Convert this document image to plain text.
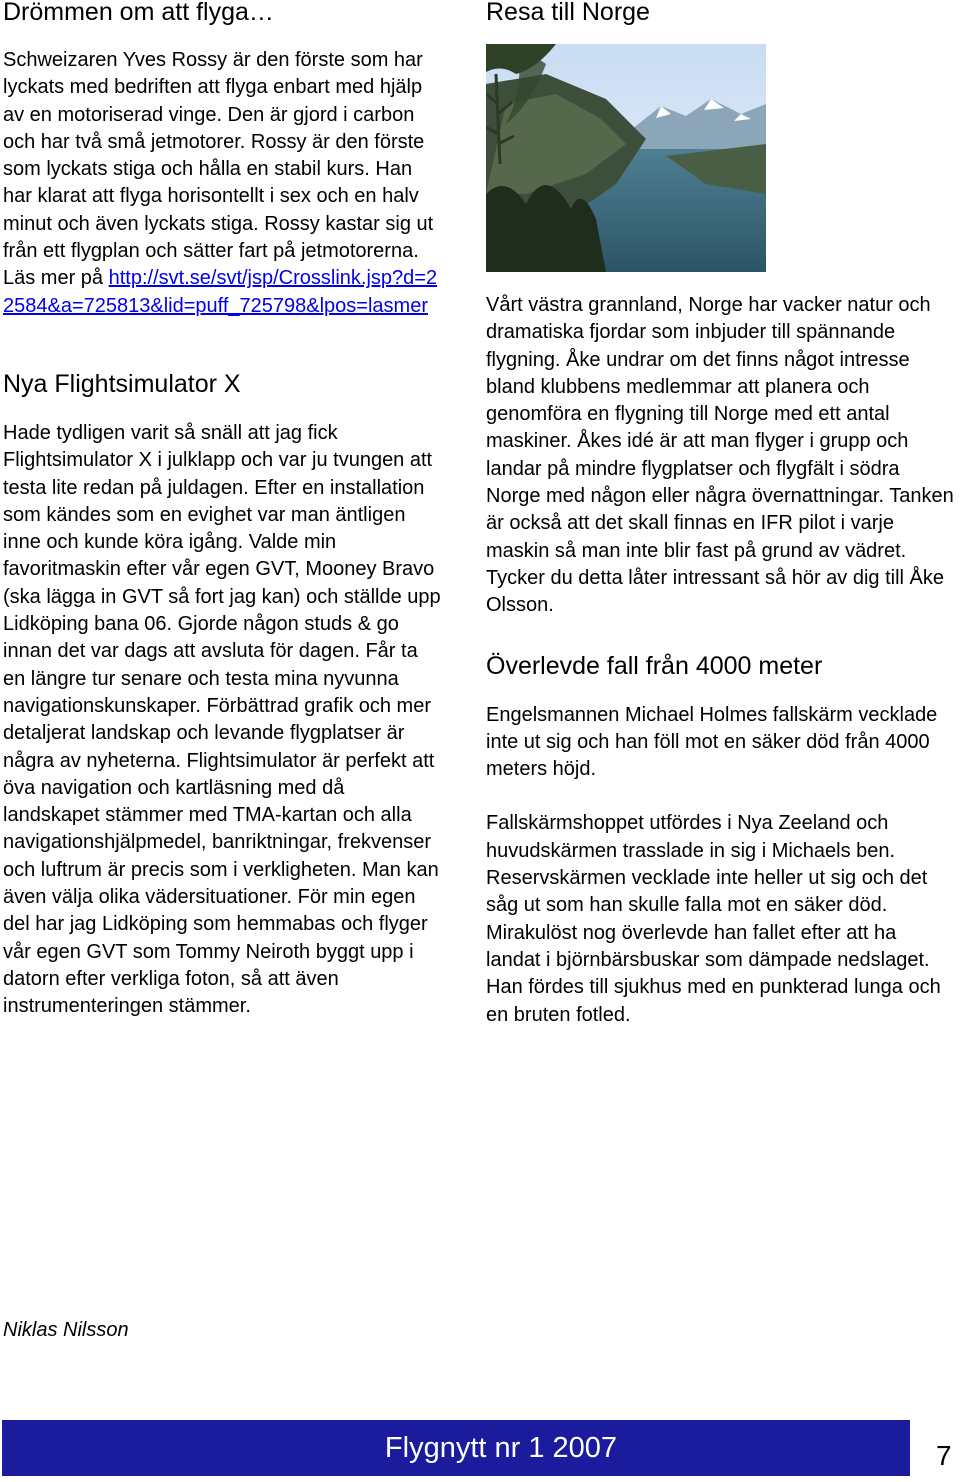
Drömmen om att flyga…

Schweizaren Yves Rossy är den förste som har lyckats med bedriften att flyga enbart med hjälp av en motoriserad vinge. Den är gjord i carbon och har två små jetmotorer. Rossy är den förste som lyckats stiga och hålla en stabil kurs. Han har klarat att flyga horisontellt i sex och en halv minut och även lyckats stiga. Rossy kastar sig ut från ett flygplan och sätter fart på jetmotorerna. Läs mer på http://svt.se/svt/jsp/Crosslink.jsp?d=22584&a=725813&lid=puff_725798&lpos=lasmer

Nya Flightsimulator X

Hade tydligen varit så snäll att jag fick Flightsimulator X i julklapp och var ju tvungen att testa lite redan på juldagen. Efter en installation som kändes som en evighet var man äntligen inne och kunde köra igång. Valde min favoritmaskin efter vår egen GVT, Mooney Bravo (ska lägga in GVT så fort jag kan) och ställde upp Lidköping bana 06. Gjorde någon studs & go innan det var dags att avsluta för dagen. Får ta en längre tur senare och testa mina nyvunna navigationskunskaper. Förbättrad grafik och mer detaljerat landskap och levande flygplatser är några av nyheterna. Flightsimulator är perfekt att öva navigation och kartläsning med då landskapet stämmer med TMA-kartan och alla navigationshjälpmedel, banriktningar, frekvenser och luftrum är precis som i verkligheten. Man kan även välja olika vädersituationer. För min egen del har jag Lidköping som hemmabas och flyger vår egen GVT som Tommy Neiroth byggt upp i datorn efter verkliga foton, så att även instrumenteringen stämmer.

Niklas Nilsson
Resa till Norge

Vårt västra grannland, Norge har vacker natur och dramatiska fjordar som inbjuder till spännande flygning. Åke undrar om det finns något intresse bland klubbens medlemmar att planera och genomföra en flygning till Norge med ett antal maskiner. Åkes idé är att man flyger i grupp och landar på mindre flygplatser och flygfält i södra Norge med någon eller några övernattningar. Tanken är också att det skall finnas en IFR pilot i varje maskin så man inte blir fast på grund av vädret. Tycker du detta låter intressant så hör av dig till Åke Olsson.

Överlevde fall från 4000 meter

Engelsmannen Michael Holmes fallskärm vecklade inte ut sig och han föll mot en säker död från 4000 meters höjd.

Fallskärmshoppet utfördes i Nya Zeeland och huvudskärmen trasslade in sig i Michaels ben. Reservskärmen vecklade inte heller ut sig och det såg ut som han skulle falla mot en säker död. Mirakulöst nog överlevde han fallet efter att ha landat i björnbärsbuskar som dämpade nedslaget. Han fördes till sjukhus med en punkterad lunga och en bruten fotled.

Flygnytt nr 1 2007	7
